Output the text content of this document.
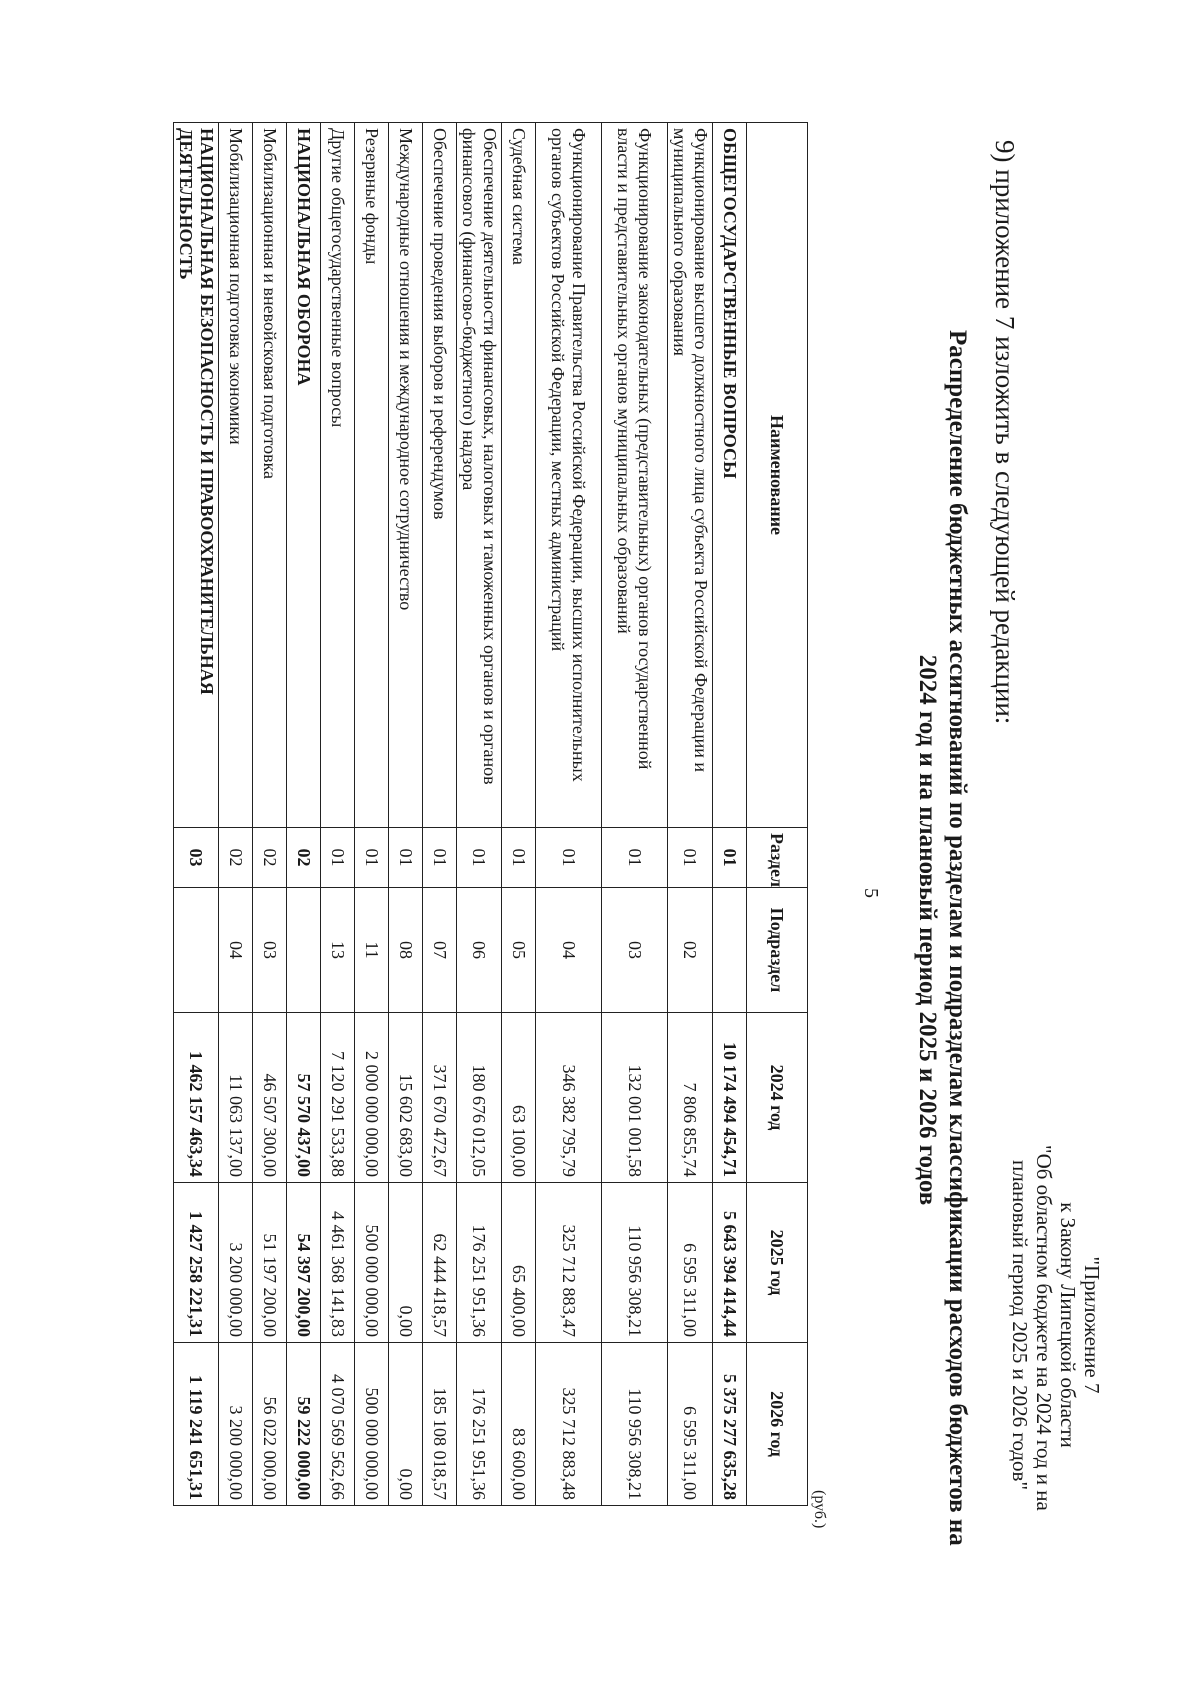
5
9) приложение 7 изложить в следующей редакции:
"Приложение 7
к Закону Липецкой области
"Об областном бюджете на 2024 год и на
плановый период 2025 и 2026 годов"
Распределение бюджетных ассигнований по разделам и подразделам классификации расходов бюджетов на
2024 год и на плановый период 2025 и 2026 годов
(руб.)
Наименование	Раздел	Подраздел	2024 год	2025 год	2026 год
ОБЩЕГОСУДАРСТВЕННЫЕ ВОПРОСЫ	01		10 174 494 454,71	5 643 394 414,44	5 375 277 635,28
Функционирование высшего должностного лица субъекта Российской Федерации и муниципального образования	01	02	7 806 855,74	6 595 311,00	6 595 311,00
Функционирование законодательных (представительных) органов государственной власти и представительных органов муниципальных образований	01	03	132 001 001,58	110 956 308,21	110 956 308,21
Функционирование Правительства Российской Федерации, высших исполнительных органов субъектов Российской Федерации, местных администраций	01	04	346 382 795,79	325 712 883,47	325 712 883,48
Судебная система	01	05	63 100,00	65 400,00	83 600,00
Обеспечение деятельности финансовых, налоговых и таможенных органов и органов финансового (финансово-бюджетного) надзора	01	06	180 676 012,05	176 251 951,36	176 251 951,36
Обеспечение проведения выборов и референдумов	01	07	371 670 472,67	62 444 418,57	185 108 018,57
Международные отношения и международное сотрудничество	01	08	15 602 683,00	0,00	0,00
Резервные фонды	01	11	2 000 000 000,00	500 000 000,00	500 000 000,00
Другие общегосударственные вопросы	01	13	7 120 291 533,88	4 461 368 141,83	4 070 569 562,66
НАЦИОНАЛЬНАЯ ОБОРОНА	02		57 570 437,00	54 397 200,00	59 222 000,00
Мобилизационная и вневойсковая подготовка	02	03	46 507 300,00	51 197 200,00	56 022 000,00
Мобилизационная подготовка экономики	02	04	11 063 137,00	3 200 000,00	3 200 000,00
НАЦИОНАЛЬНАЯ БЕЗОПАСНОСТЬ И ПРАВООХРАНИТЕЛЬНАЯ ДЕЯТЕЛЬНОСТЬ	03		1 462 157 463,34	1 427 258 221,31	1 119 241 651,31
